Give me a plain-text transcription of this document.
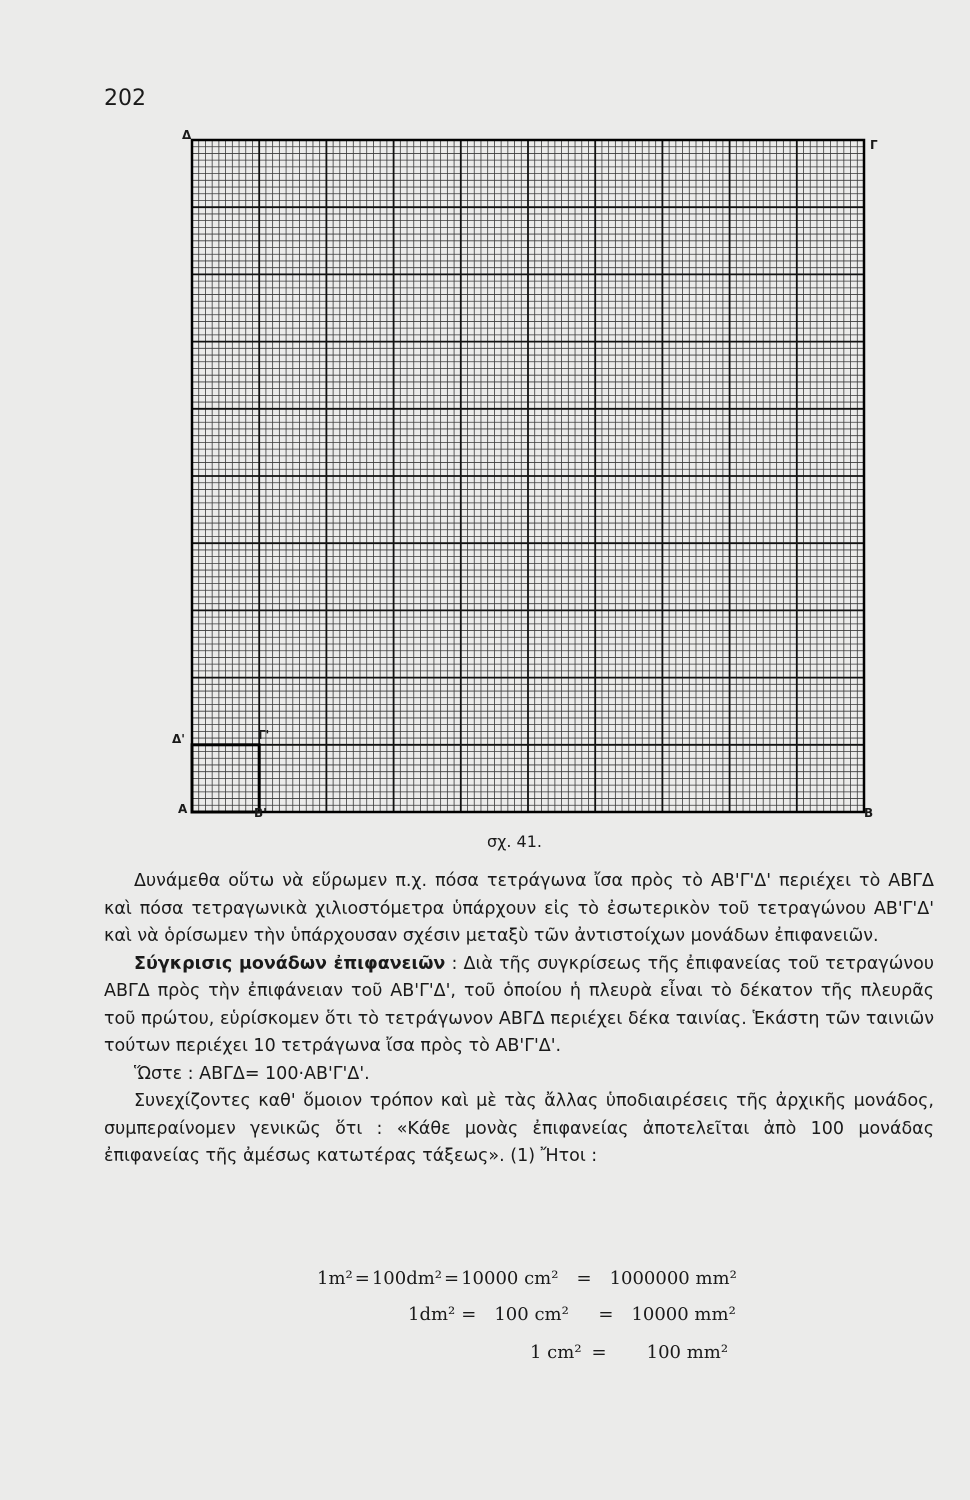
202
Δ
Γ
Δ'	Γ'
Α	Β'	Β
σχ. 41.

Δυνάμεθα οὕτω νὰ εὕρωμεν π.χ. πόσα τετράγωνα ἴσα πρὸς τὸ ΑΒ'Γ'Δ' περιέχει τὸ ΑΒΓΔ καὶ πόσα τετραγωνικὰ χιλιοστόμετρα ὑπάρχουν εἰς τὸ ἐσωτερικὸν τοῦ τετραγώνου ΑΒ'Γ'Δ' καὶ νὰ ὁρίσωμεν τὴν ὑπάρχουσαν σχέσιν μεταξὺ τῶν ἀντιστοίχων μονάδων ἐπιφανειῶν.

Σύγκρισις μονάδων ἐπιφανειῶν : Διὰ τῆς συγκρίσεως τῆς ἐπιφανείας τοῦ τετραγώνου ΑΒΓΔ πρὸς τὴν ἐπιφάνειαν τοῦ ΑΒ'Γ'Δ', τοῦ ὁποίου ἡ πλευρὰ εἶναι τὸ δέκατον τῆς πλευρᾶς τοῦ πρώτου, εὑρίσκομεν ὅτι τὸ τετράγωνον ΑΒΓΔ περιέχει δέκα ταινίας. Ἑκάστη τῶν ταινιῶν τούτων περιέχει 10 τετράγωνα ἴσα πρὸς τὸ ΑΒ'Γ'Δ'.

Ὥστε : ΑΒΓΔ= 100·ΑΒ'Γ'Δ'.

Συνεχίζοντες καθ' ὅμοιον τρόπον καὶ μὲ τὰς ἄλλας ὑποδιαιρέσεις τῆς ἀρχικῆς μονάδος, συμπεραίνομεν γενικῶς ὅτι : «Κάθε μονὰς ἐπιφανείας ἀποτελεῖται ἀπὸ 100 μονάδας ἐπιφανείας τῆς ἀμέσως κατωτέρας τάξεως». (1) Ἤτοι :

1m² = 100dm² = 10000 cm² = 1000000 mm²
1dm² = 100 cm² = 10000 mm²
1 cm² = 100 mm²
